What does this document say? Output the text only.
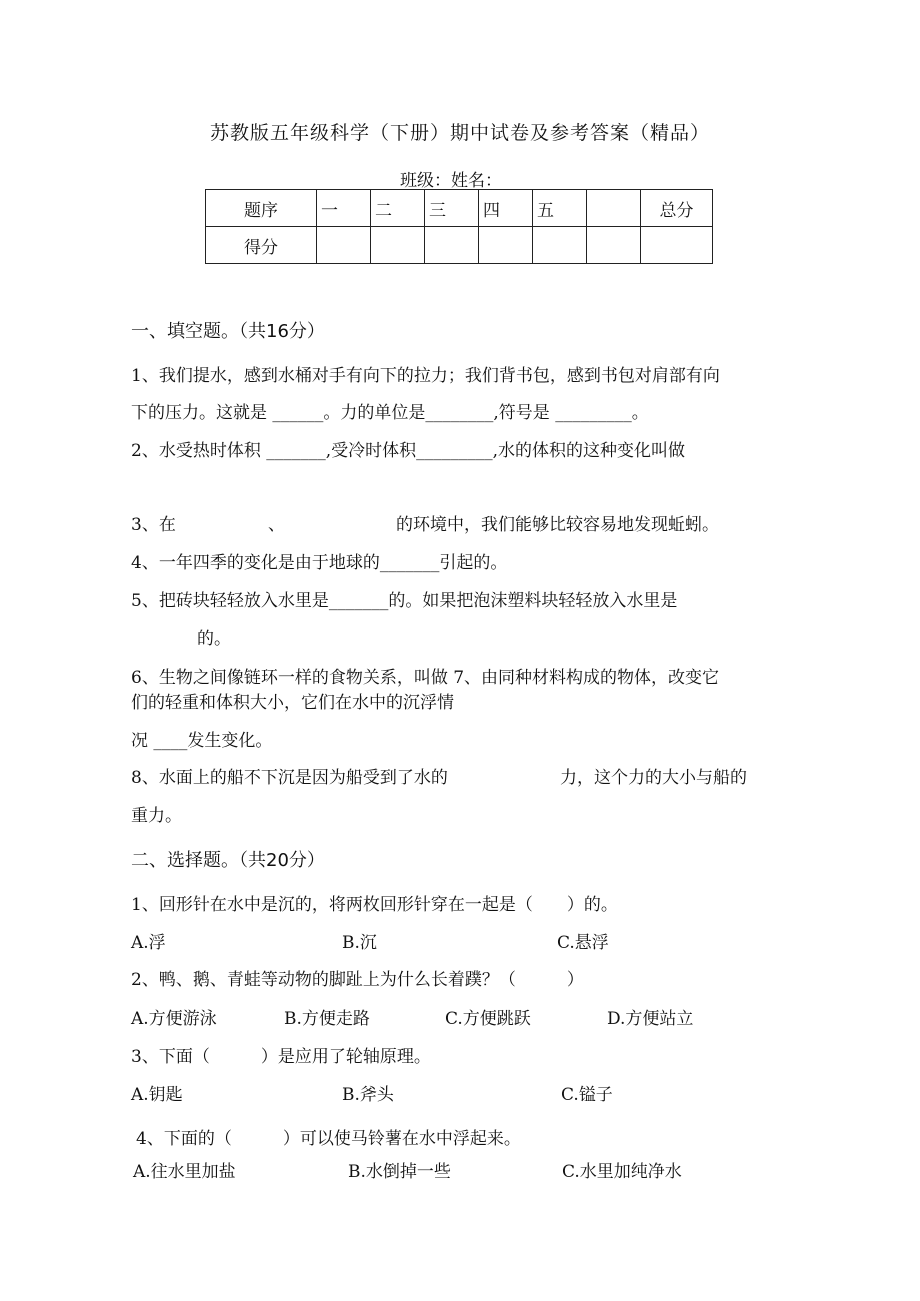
苏教版五年级科学（下册）期中试卷及参考答案（精品）
班级：姓名：
题序	一	二	三	四	五		总分

得分							

一、填空题。（共16分）
1、我们提水，感到水桶对手有向下的拉力；我们背书包，感到书包对肩部有向
下的压力。这就是 ______。力的单位是________,符号是 _________。
2、水受热时体积 _______,受冷时体积_________,水的体积的这种变化叫做
3、在	、	的环境中，我们能够比较容易地发现蚯蚓。
4、一年四季的变化是由于地球的_______引起的。
5、把砖块轻轻放入水里是_______的。如果把泡沫塑料块轻轻放入水里是
的。
6、生物之间像链环一样的食物关系，叫做 7、由同种材料构成的物体，改变它
们的轻重和体积大小，它们在水中的沉浮情
况 ____发生变化。
8、水面上的船不下沉是因为船受到了水的	力，这个力的大小与船的
重力。
二、选择题。（共20分）
1、回形针在水中是沉的，将两枚回形针穿在一起是（　　）的。
A.浮	B.沉	C.悬浮
2、鸭、鹅、青蛙等动物的脚趾上为什么长着蹼？（　　　）
A.方便游泳	B.方便走路	C.方便跳跃	D.方便站立
3、下面（　　　）是应用了轮轴原理。
A.钥匙	B.斧头	C.镒子
4、下面的（　　　）可以使马铃薯在水中浮起来。
A.往水里加盐	B.水倒掉一些	C.水里加纯净水
